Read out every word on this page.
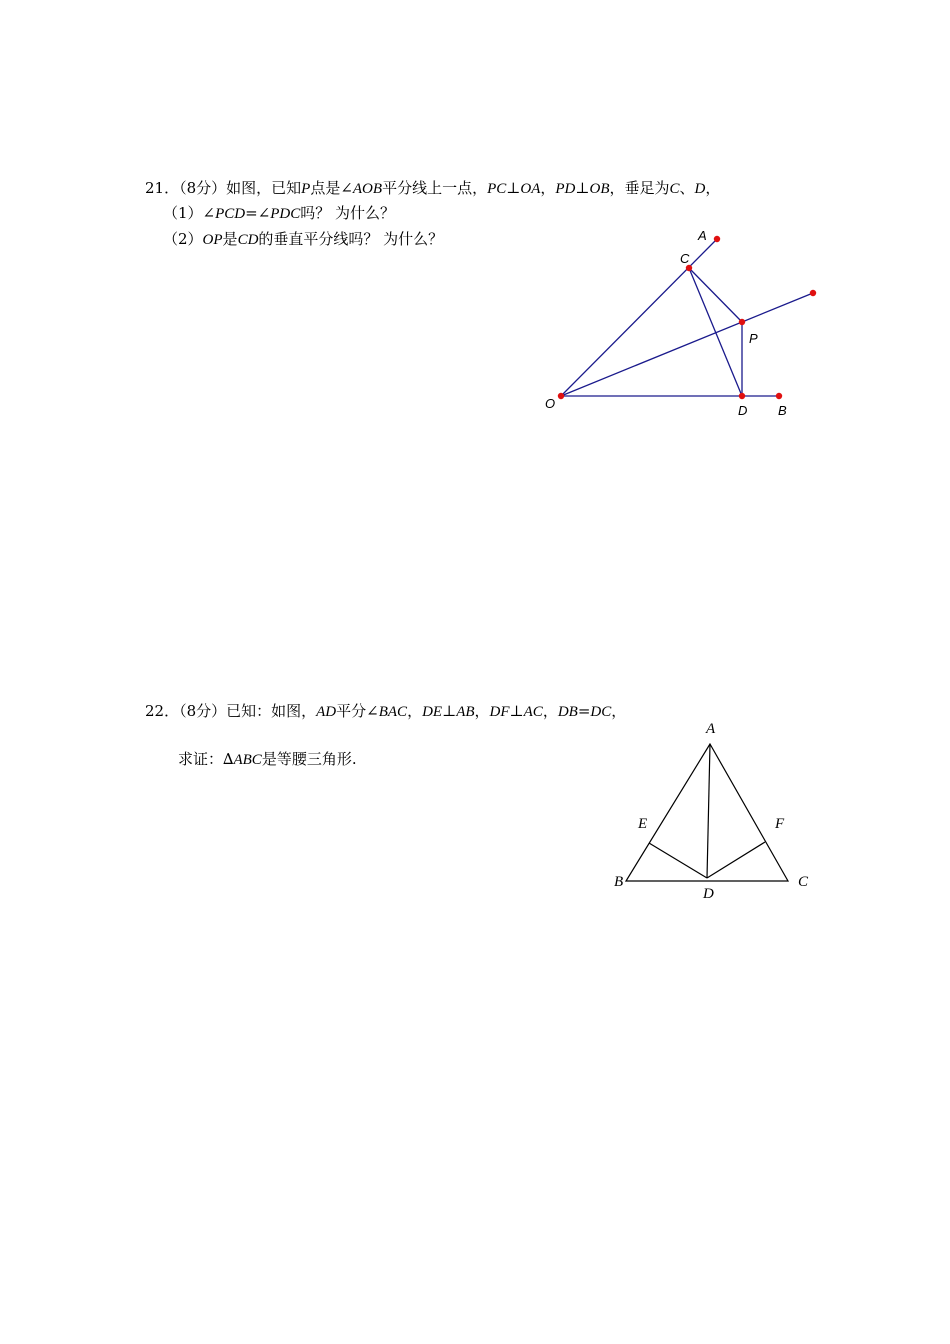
21．（8分）如图，已知P点是∠AOB平分线上一点，PC⊥OA，PD⊥OB，垂足为C、D，
（1）∠PCD=∠PDC吗？ 为什么？
（2）OP是CD的垂直平分线吗？ 为什么？	A
C
P
O	D B
A
E	F
B
D
C
22．（8分）已知：如图，AD平分∠BAC，DE⊥AB，DF⊥AC，DB=DC，
求证：∆ABC是等腰三角形.
